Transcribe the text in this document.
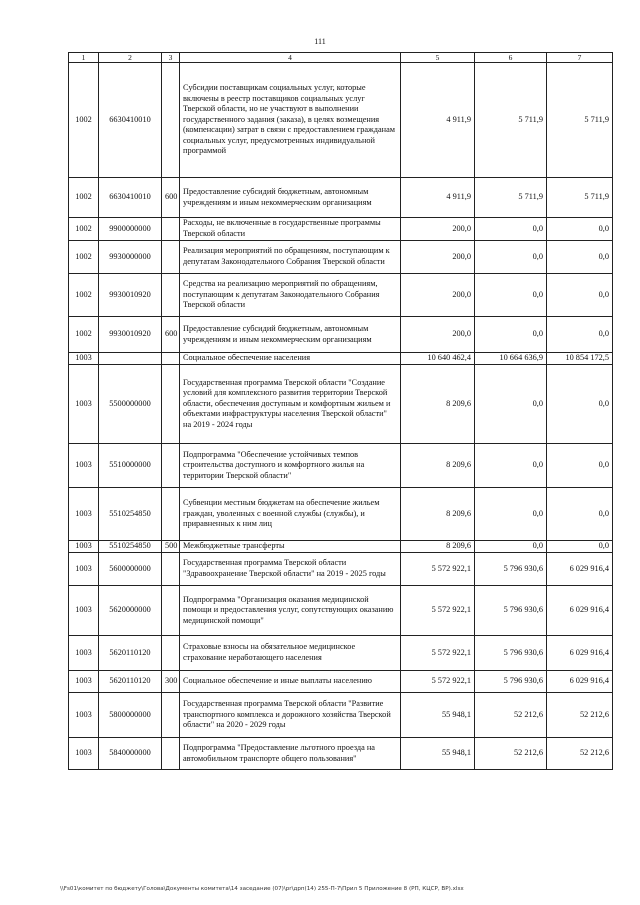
111
1	2	3	4	5	6	7
1002	6630410010		Субсидии поставщикам социальных услуг, которые включены в реестр поставщиков социальных услуг Тверской области, но не участвуют в выполнении государственного задания (заказа), в целях возмещения (компенсации) затрат в связи с предоставлением гражданам социальных услуг, предусмотренных индивидуальной программой	4 911,9	5 711,9	5 711,9
1002	6630410010	600	Предоставление субсидий бюджетным, автономным учреждениям и иным некоммерческим организациям	4 911,9	5 711,9	5 711,9
1002	9900000000		Расходы, не включенные в государственные программы Тверской области	200,0	0,0	0,0
1002	9930000000		Реализация мероприятий по обращениям, поступающим к депутатам Законодательного Собрания Тверской области	200,0	0,0	0,0
1002	9930010920		Средства на реализацию мероприятий по обращениям, поступающим к депутатам Законодательного Собрания Тверской области	200,0	0,0	0,0
1002	9930010920	600	Предоставление субсидий бюджетным, автономным учреждениям и иным некоммерческим организациям	200,0	0,0	0,0
1003			Социальное обеспечение населения	10 640 462,4	10 664 636,9	10 854 172,5
1003	5500000000		Государственная программа Тверской области "Создание условий для комплексного развития территории Тверской области, обеспечения доступным и комфортным жильем и объектами инфраструктуры населения Тверской области" на 2019 - 2024 годы	8 209,6	0,0	0,0
1003	5510000000		Подпрограмма "Обеспечение устойчивых темпов строительства доступного и комфортного жилья на территории Тверской области"	8 209,6	0,0	0,0
1003	5510254850		Субвенции местным бюджетам на обеспечение жильем граждан, уволенных с военной службы (службы), и приравненных к ним лиц	8 209,6	0,0	0,0
1003	5510254850	500	Межбюджетные трансферты	8 209,6	0,0	0,0
1003	5600000000		Государственная программа Тверской области "Здравоохранение Тверской области" на 2019 - 2025 годы	5 572 922,1	5 796 930,6	6 029 916,4
1003	5620000000		Подпрограмма "Организация оказания медицинской помощи и предоставления услуг, сопутствующих оказанию медицинской помощи"	5 572 922,1	5 796 930,6	6 029 916,4
1003	5620110120		Страховые взносы на обязательное медицинское страхование неработающего населения	5 572 922,1	5 796 930,6	6 029 916,4
1003	5620110120	300	Социальное обеспечение и иные выплаты населению	5 572 922,1	5 796 930,6	6 029 916,4
1003	5800000000		Государственная программа Тверской области "Развитие транспортного комплекса и дорожного хозяйства Тверской области" на 2020 - 2029 годы	55 948,1	52 212,6	52 212,6
1003	5840000000		Подпрограмма "Предоставление льготного проезда на автомобильном транспорте общего пользования"	55 948,1	52 212,6	52 212,6
\\Fs01\комитет по бюджету\Голова\Документы комитета\14 заседание (07)\pr\дрп(14) 255-П-7\Прил 5 Приложение 8 (РП, КЦСР, ВР).xlsx
